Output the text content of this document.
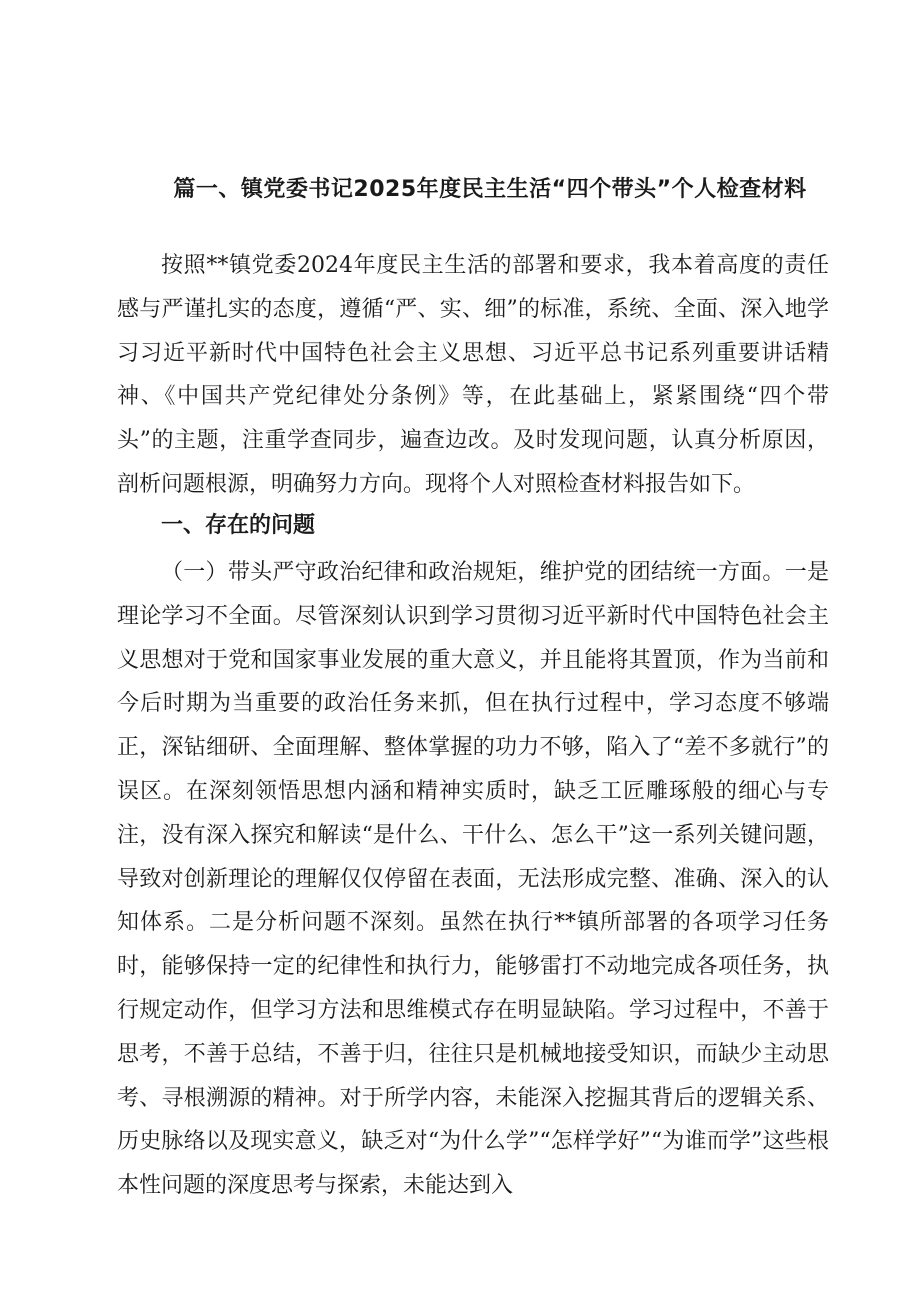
篇一、镇党委书记2025年度民主生活“四个带头”个人检查材料

按照**镇党委2024年度民主生活的部署和要求，我本着高度的责任感与严谨扎实的态度，遵循“严、实、细”的标准，系统、全面、深入地学习习近平新时代中国特色社会主义思想、习近平总书记系列重要讲话精神、《中国共产党纪律处分条例》等，在此基础上，紧紧围绕“四个带头”的主题，注重学查同步，遍查边改。及时发现问题，认真分析原因，剖析问题根源，明确努力方向。现将个人对照检查材料报告如下。

一、存在的问题

（一）带头严守政治纪律和政治规矩，维护党的团结统一方面。一是理论学习不全面。尽管深刻认识到学习贯彻习近平新时代中国特色社会主义思想对于党和国家事业发展的重大意义，并且能将其置顶，作为当前和今后时期为当重要的政治任务来抓，但在执行过程中，学习态度不够端正，深钻细研、全面理解、整体掌握的功力不够，陷入了“差不多就行”的误区。在深刻领悟思想内涵和精神实质时，缺乏工匠雕琢般的细心与专注，没有深入探究和解读“是什么、干什么、怎么干”这一系列关键问题，导致对创新理论的理解仅仅停留在表面，无法形成完整、准确、深入的认知体系。二是分析问题不深刻。虽然在执行**镇所部署的各项学习任务时，能够保持一定的纪律性和执行力，能够雷打不动地完成各项任务，执行规定动作，但学习方法和思维模式存在明显缺陷。学习过程中，不善于思考，不善于总结，不善于归，往往只是机械地接受知识，而缺少主动思考、寻根溯源的精神。对于所学内容，未能深入挖掘其背后的逻辑关系、历史脉络以及现实意义，缺乏对“为什么学”“怎样学好”“为谁而学”这些根本性问题的深度思考与探索，未能达到入
